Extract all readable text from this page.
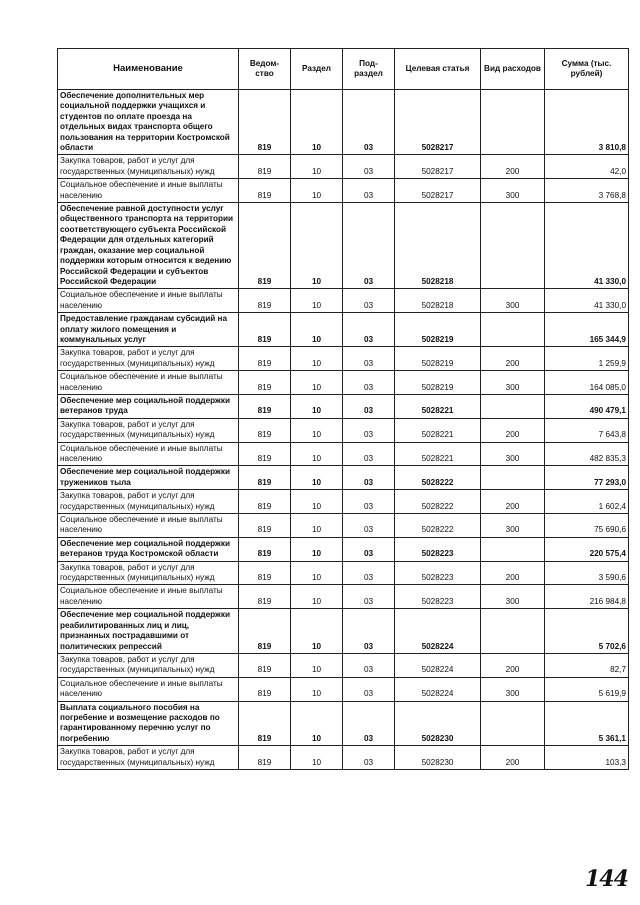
Наименование	Ведом-ство	Раздел	Под-раздел	Целевая статья	Вид расходов	Сумма (тыс. рублей)
Обеспечение дополнительных мер социальной поддержки учащихся и студентов по оплате проезда на отдельных видах транспорта общего пользования на территории Костромской области	819	10	03	5028217		3 810,8
Закупка товаров, работ и услуг для государственных (муниципальных) нужд	819	10	03	5028217	200	42,0
Социальное обеспечение и иные выплаты населению	819	10	03	5028217	300	3 768,8
Обеспечение равной доступности услуг общественного транспорта на территории соответствующего субъекта Российской Федерации для отдельных категорий граждан, оказание мер социальной поддержки которым относится к ведению Российской Федерации и субъектов Российской Федерации	819	10	03	5028218		41 330,0
Социальное обеспечение и иные выплаты населению	819	10	03	5028218	300	41 330,0
Предоставление гражданам субсидий на оплату жилого помещения и коммунальных услуг	819	10	03	5028219		165 344,9
Закупка товаров, работ и услуг для государственных (муниципальных) нужд	819	10	03	5028219	200	1 259,9
Социальное обеспечение и иные выплаты населению	819	10	03	5028219	300	164 085,0
Обеспечение мер социальной поддержки ветеранов труда	819	10	03	5028221		490 479,1
Закупка товаров, работ и услуг для государственных (муниципальных) нужд	819	10	03	5028221	200	7 643,8
Социальное обеспечение и иные выплаты населению	819	10	03	5028221	300	482 835,3
Обеспечение мер социальной поддержки тружеников тыла	819	10	03	5028222		77 293,0
Закупка товаров, работ и услуг для государственных (муниципальных) нужд	819	10	03	5028222	200	1 602,4
Социальное обеспечение и иные выплаты населению	819	10	03	5028222	300	75 690,6
Обеспечение мер социальной поддержки ветеранов труда Костромской области	819	10	03	5028223		220 575,4
Закупка товаров, работ и услуг для государственных (муниципальных) нужд	819	10	03	5028223	200	3 590,6
Социальное обеспечение и иные выплаты населению	819	10	03	5028223	300	216 984,8
Обеспечение мер социальной поддержки реабилитированных лиц и лиц, признанных пострадавшими от политических репрессий	819	10	03	5028224		5 702,6
Закупка товаров, работ и услуг для государственных (муниципальных) нужд	819	10	03	5028224	200	82,7
Социальное обеспечение и иные выплаты населению	819	10	03	5028224	300	5 619,9
Выплата социального пособия на погребение и возмещение расходов по гарантированному перечню услуг по погребению	819	10	03	5028230		5 361,1
Закупка товаров, работ и услуг для государственных (муниципальных) нужд	819	10	03	5028230	200	103,3
144
